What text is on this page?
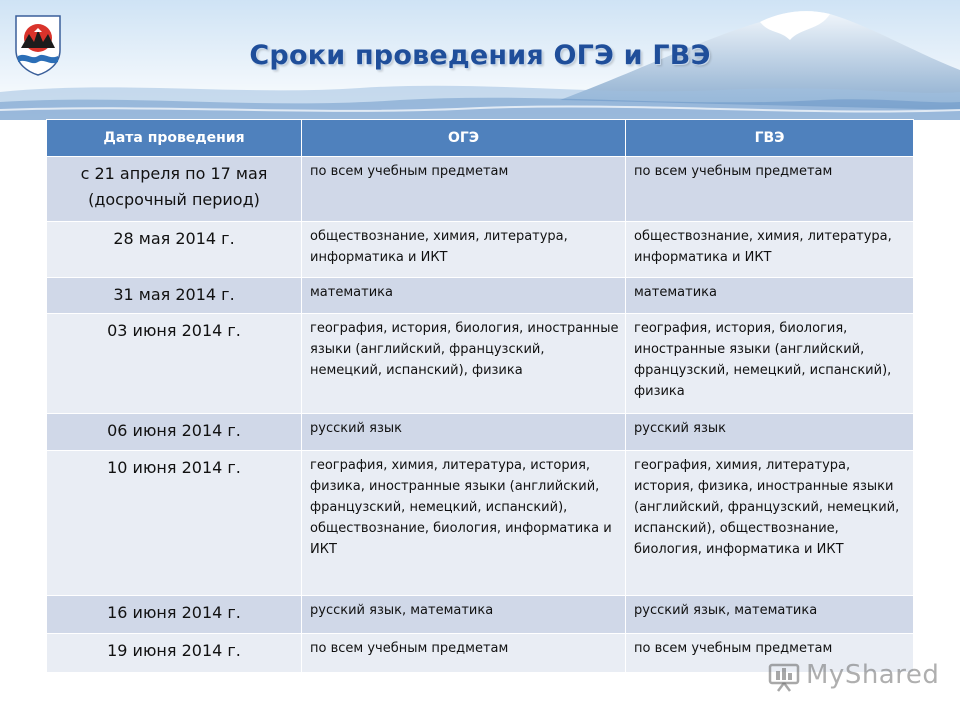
Сроки проведения ОГЭ и ГВЭ
Дата проведения	ОГЭ	ГВЭ
с 21 апреля по 17 мая (досрочный период)	по всем учебным предметам	по всем учебным предметам
28 мая 2014 г.	обществознание, химия, литература, информатика и ИКТ	обществознание, химия, литература, информатика и ИКТ
31 мая 2014 г.	математика	математика
03 июня 2014 г.	география, история, биология, иностранные языки (английский, французский, немецкий, испанский), физика	география, история, биология, иностранные языки (английский, французский, немецкий, испанский), физика
06 июня 2014 г.	русский язык	русский язык
10 июня 2014 г.	география, химия, литература, история, физика, иностранные языки (английский, французский, немецкий, испанский), обществознание, биология, информатика и ИКТ	география, химия, литература, история, физика, иностранные языки (английский, французский, немецкий, испанский), обществознание, биология, информатика и ИКТ
16 июня 2014 г.	русский язык, математика	русский язык, математика
19 июня 2014 г.	по всем учебным предметам	по всем учебным предметам
MyShared
